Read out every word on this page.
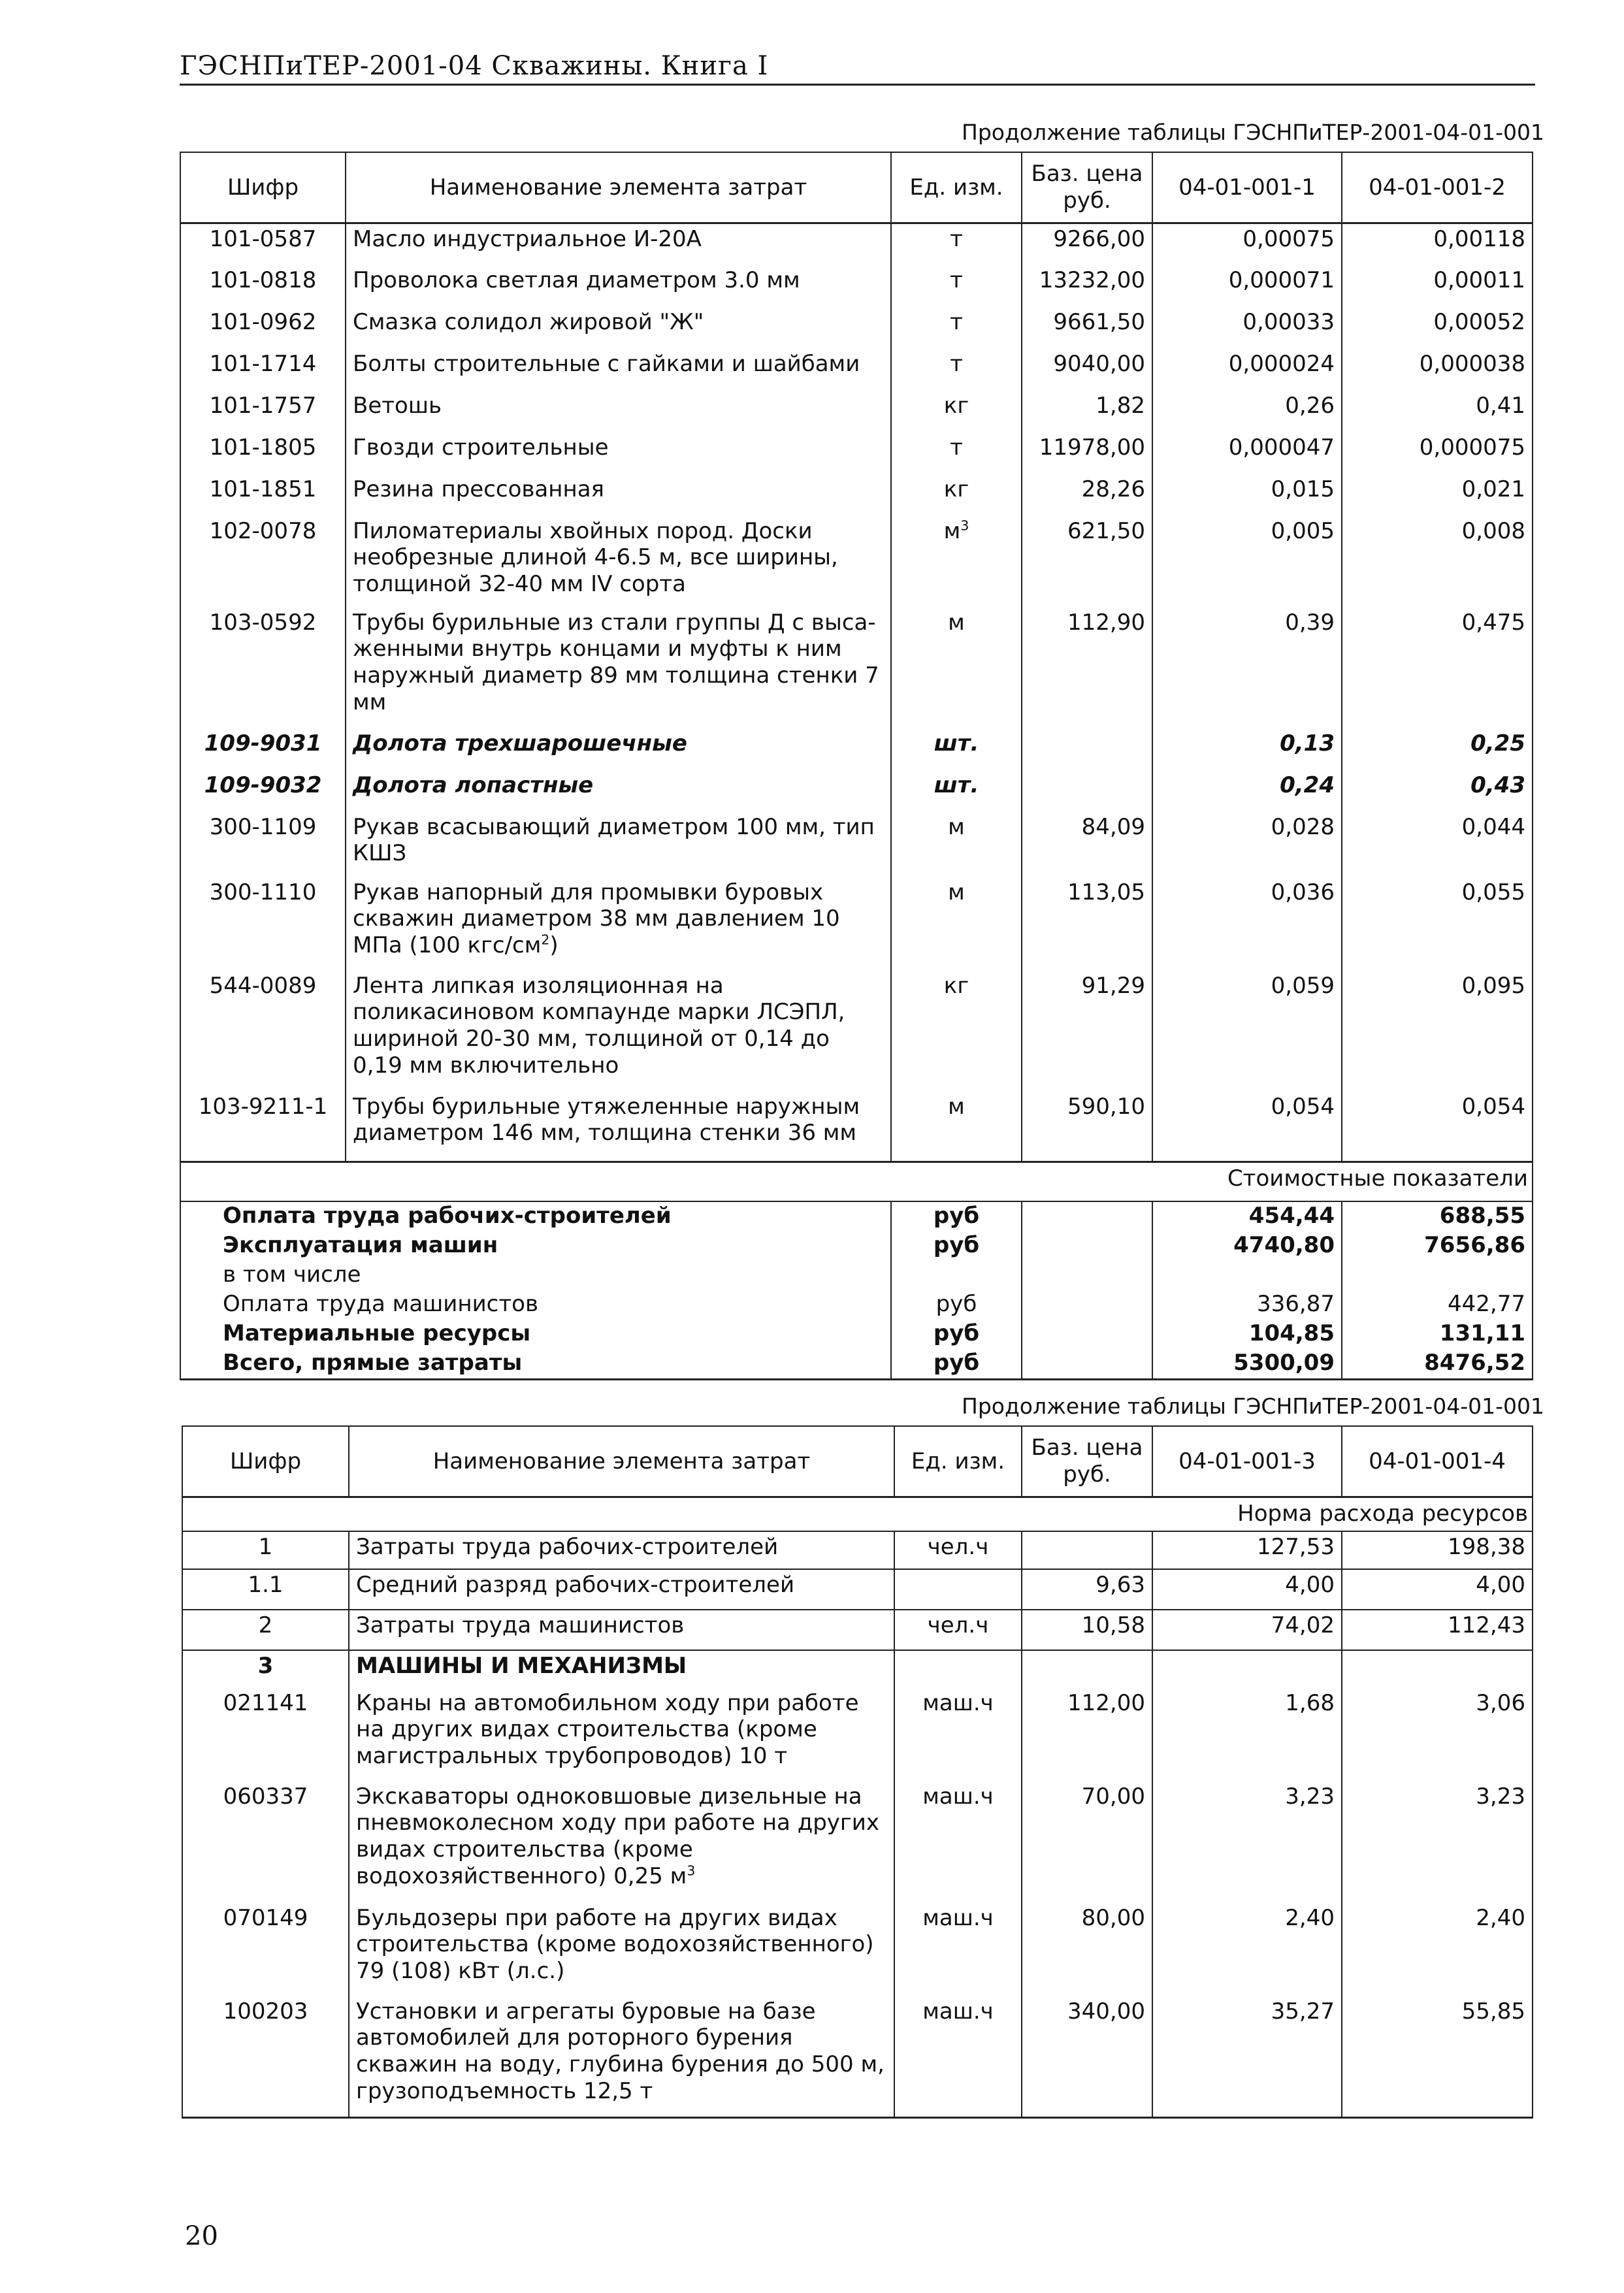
ГЭСНПиТЕР-2001-04 Скважины. Книга I
Продолжение таблицы ГЭСНПиТЕР-2001-04-01-001
Шифр	Наименование элемента затрат	Ед. изм.	Баз. цена руб.	04-01-001-1	04-01-001-2
101-0587	Масло индустриальное И-20А	т	9266,00	0,00075	0,00118
101-0818	Проволока светлая диаметром 3.0 мм	т	13232,00	0,000071	0,00011
101-0962	Смазка солидол жировой "Ж"	т	9661,50	0,00033	0,00052
101-1714	Болты строительные с гайками и шайбами	т	9040,00	0,000024	0,000038
101-1757	Ветошь	кг	1,82	0,26	0,41
101-1805	Гвозди строительные	т	11978,00	0,000047	0,000075
101-1851	Резина прессованная	кг	28,26	0,015	0,021
102-0078	Пиломатериалы хвойных пород. Доски необрезные длиной 4-6.5 м, все ширины, толщиной 32-40 мм IV сорта	$м^3$	621,50	0,005	0,008
103-0592	Трубы бурильные из стали группы Д с выса-женными внутрь концами и муфты к ним наружный диаметр 89 мм толщина стенки 7 мм	м	112,90	0,39	0,475
109-9031	Долота трехшарошечные	шт.		0,13	0,25
109-9032	Долота лопастные	шт.		0,24	0,43
300-1109	Рукав всасывающий диаметром 100 мм, тип КШЗ	м	84,09	0,028	0,044
300-1110	Рукав напорный для промывки буровых скважин диаметром 38 мм давлением 10 МПа (100 кгс/$см^2$)	м	113,05	0,036	0,055
544-0089	Лента липкая изоляционная на поликасиновом компаунде марки ЛСЭПЛ, шириной 20-30 мм, толщиной от 0,14 до 0,19 мм включительно	кг	91,29	0,059	0,095
103-9211-1	Трубы бурильные утяжеленные наружным диаметром 146 мм, толщина стенки 36 мм	м	590,10	0,054	0,054

Стоимостные показатели					
Оплата труда рабочих-строителей		руб		454,44	688,55
Эксплуатация машин		руб		4740,80	7656,86
в том числе					
Оплата труда машинистов		руб		336,87	442,77
Материальные ресурсы		руб		104,85	131,11
Всего, прямые затраты		руб		5300,09	8476,52
Продолжение таблицы ГЭСНПиТЕР-2001-04-01-001
Шифр	Наименование элемента затрат	Ед. изм.	Баз. цена руб.	04-01-001-3	04-01-001-4
Норма расхода ресурсов					
1	Затраты труда рабочих-строителей	чел.ч		127,53	198,38
1.1	Средний разряд рабочих-строителей		9,63	4,00	4,00
2	Затраты труда машинистов	чел.ч	10,58	74,02	112,43
3	МАШИНЫ И МЕХАНИЗМЫ				
021141	Краны на автомобильном ходу при работе на других видах строительства (кроме магистральных трубопроводов) 10 т	маш.ч	112,00	1,68	3,06
060337	Экскаваторы одноковшовые дизельные на пневмоколесном ходу при работе на других видах строительства (кроме водохозяйственного) 0,25 $м^3$	маш.ч	70,00	3,23	3,23
070149	Бульдозеры при работе на других видах строительства (кроме водохозяйственного) 79 (108) кВт (л.с.)	маш.ч	80,00	2,40	2,40
100203	Установки и агрегаты буровые на базе автомобилей для роторного бурения скважин на воду, глубина бурения до 500 м, грузоподъемность 12,5 т	маш.ч	340,00	35,27	55,85
20
